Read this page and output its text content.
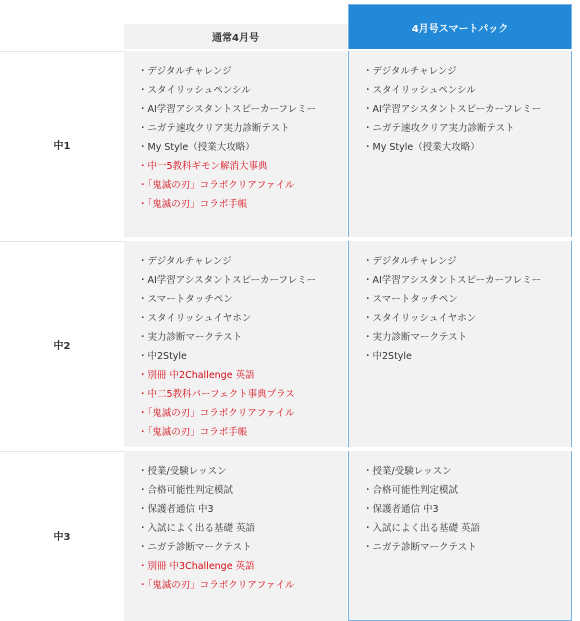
通常4月号
4月号スマートパック
中1
・デジタルチャレンジ
・スタイリッシュペンシル
・AI学習アシスタントスピーカーフレミー
・ニガテ速攻クリア実力診断テスト
・My Style（授業大攻略）
・中一5教科ギモン解消大事典
・「鬼滅の刃」コラボクリアファイル
・「鬼滅の刃」コラボ手帳
・デジタルチャレンジ
・スタイリッシュペンシル
・AI学習アシスタントスピーカーフレミー
・ニガテ速攻クリア実力診断テスト
・My Style（授業大攻略）
中2
・デジタルチャレンジ
・AI学習アシスタントスピーカーフレミー
・スマートタッチペン
・スタイリッシュイヤホン
・実力診断マークテスト
・中2Style
・別冊 中2Challenge 英語
・中二5教科パーフェクト事典プラス
・「鬼滅の刃」コラボクリアファイル
・「鬼滅の刃」コラボ手帳
・デジタルチャレンジ
・AI学習アシスタントスピーカーフレミー
・スマートタッチペン
・スタイリッシュイヤホン
・実力診断マークテスト
・中2Style
中3
・授業/受験レッスン
・合格可能性判定模試
・保護者通信 中3
・入試によく出る基礎 英語
・ニガテ診断マークテスト
・別冊 中3Challenge 英語
・「鬼滅の刃」コラボクリアファイル
・授業/受験レッスン
・合格可能性判定模試
・保護者通信 中3
・入試によく出る基礎 英語
・ニガテ診断マークテスト
